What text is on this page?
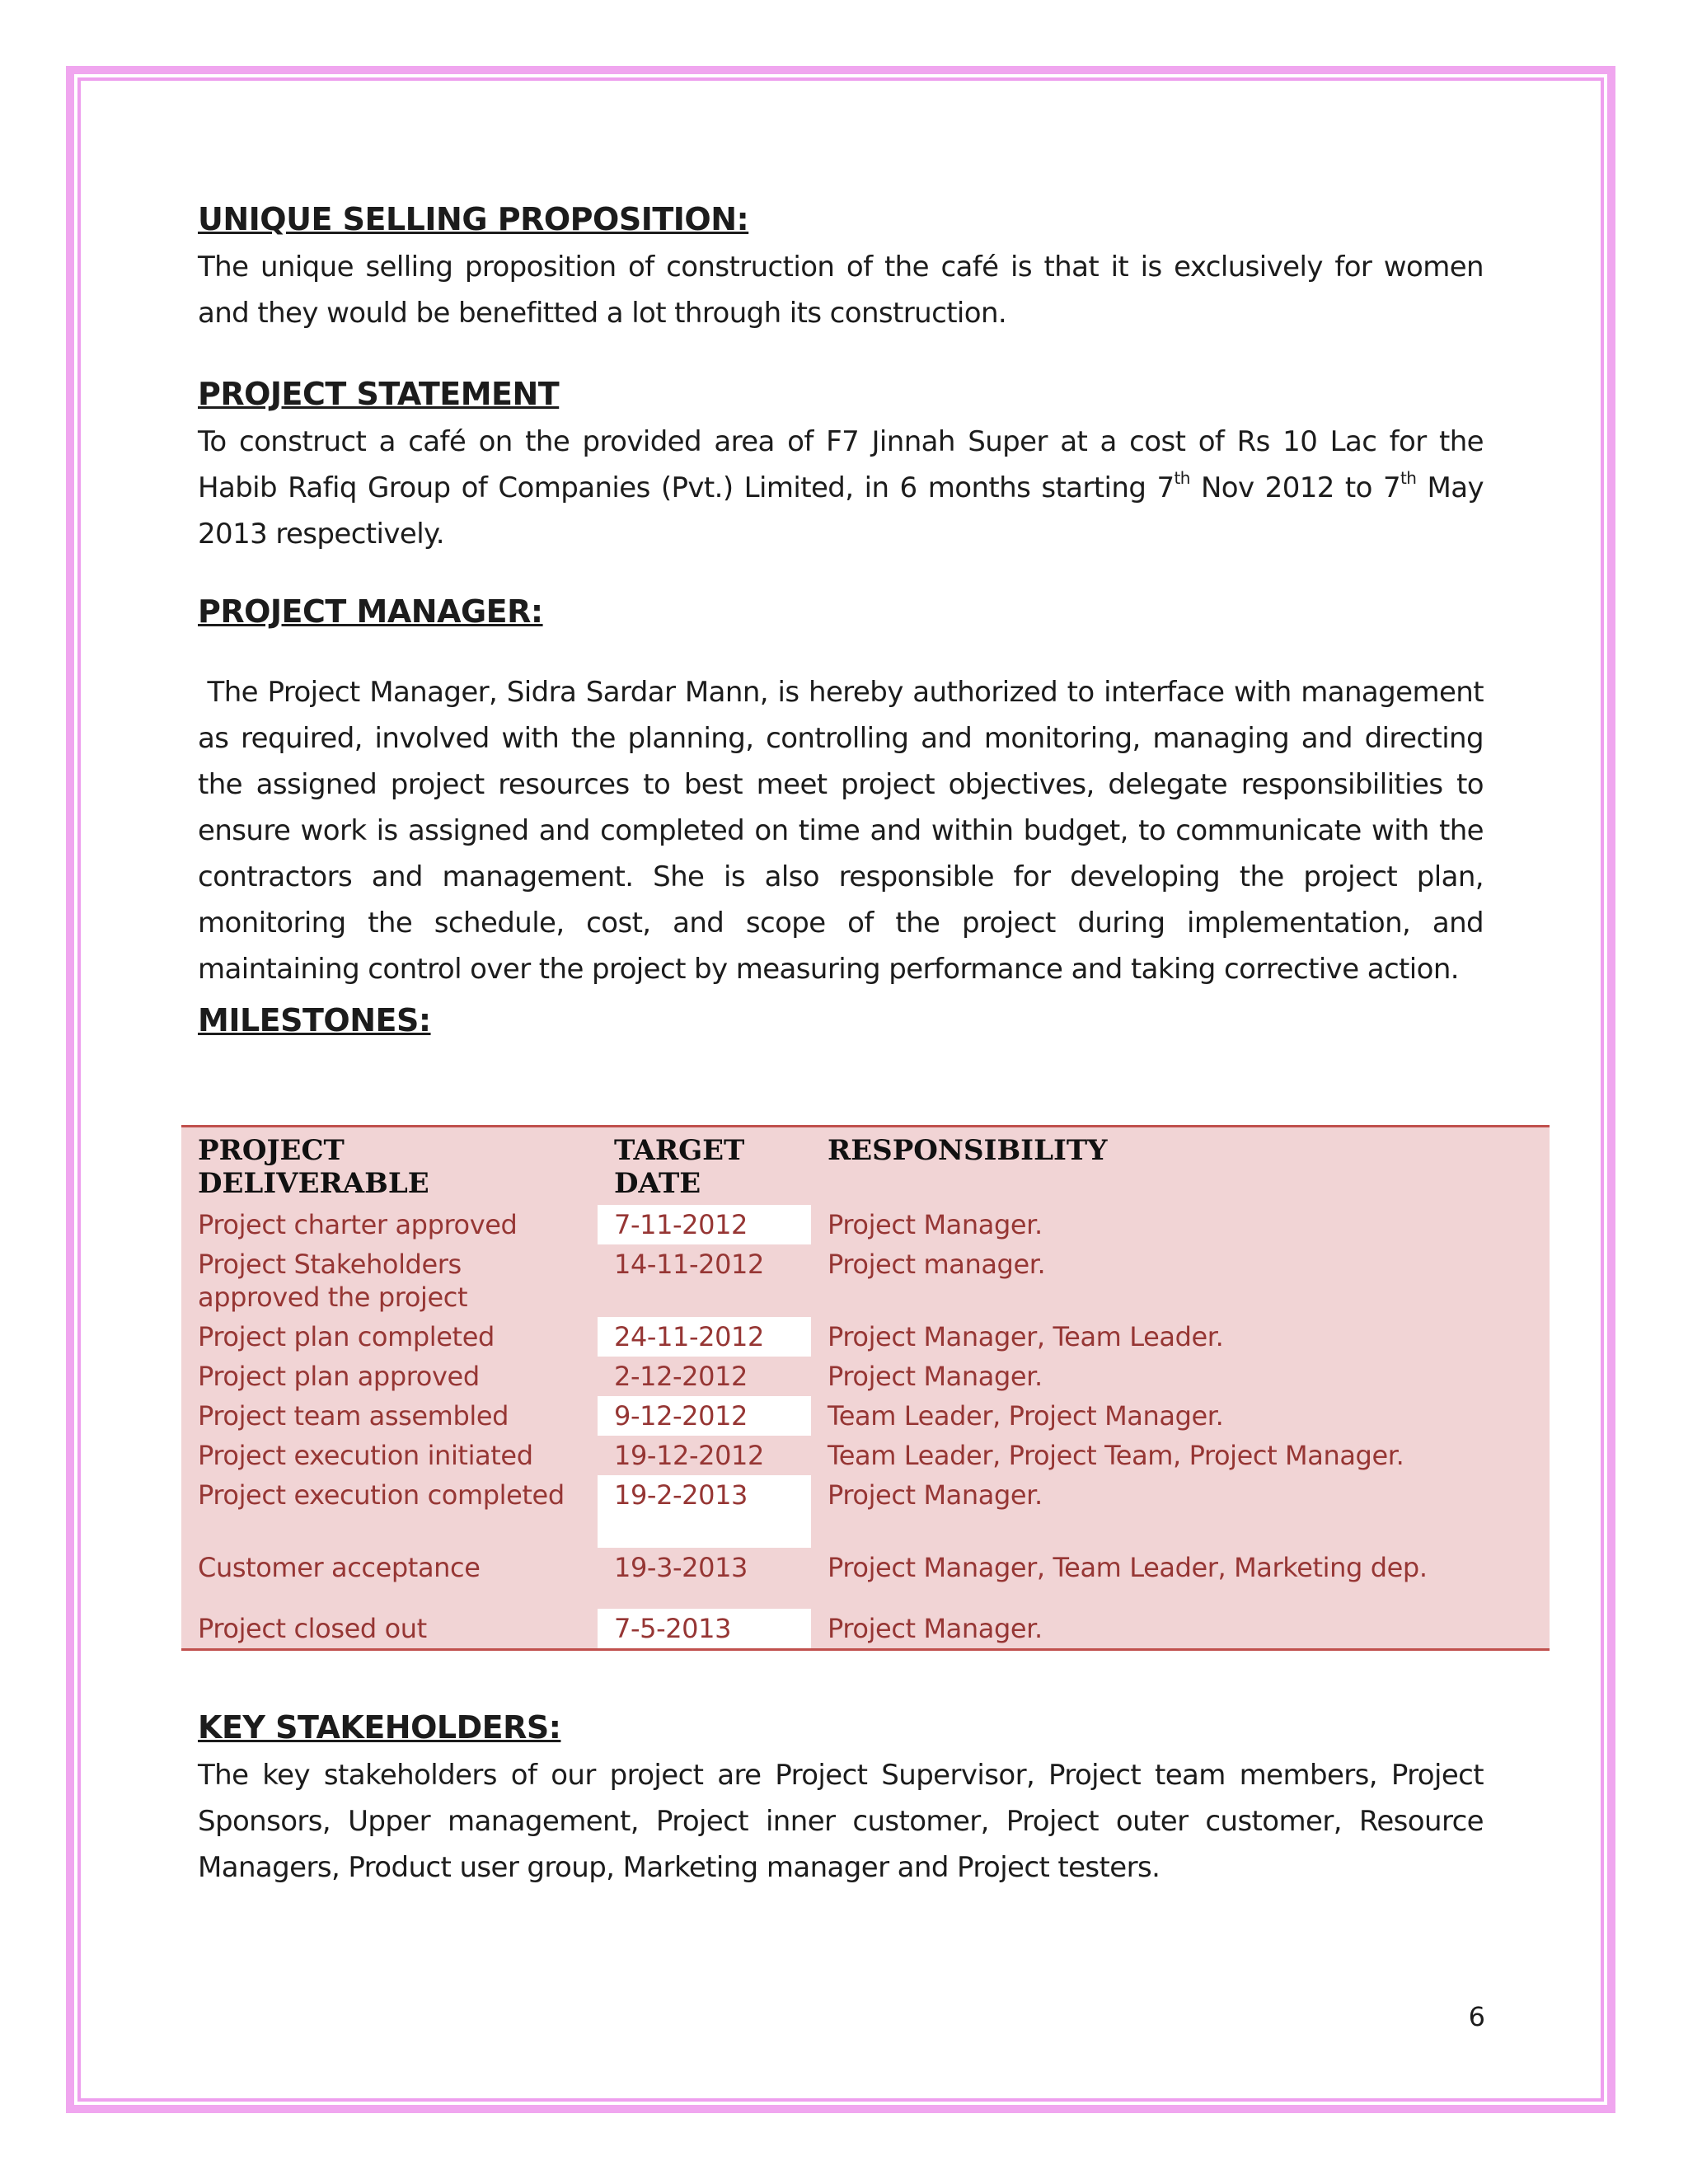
UNIQUE SELLING PROPOSITION:

The unique selling proposition of construction of the café is that it is exclusively for women and they would be benefitted a lot through its construction.

PROJECT STATEMENT

To construct a café on the provided area of F7 Jinnah Super at a cost of Rs 10 Lac for the Habib Rafiq Group of Companies (Pvt.) Limited, in 6 months starting 7th Nov 2012 to 7th May 2013 respectively.

PROJECT MANAGER:

The Project Manager, Sidra Sardar Mann, is hereby authorized to interface with management as required, involved with the planning, controlling and monitoring, managing and directing the assigned project resources to best meet project objectives, delegate responsibilities to ensure work is assigned and completed on time and within budget, to communicate with the contractors and management. She is also responsible for developing the project plan, monitoring the schedule, cost, and scope of the project during implementation, and maintaining control over the project by measuring performance and taking corrective action.

MILESTONES:
PROJECT DELIVERABLE	TARGET DATE	RESPONSIBILITY
Project charter approved	7-11-2012	Project Manager.
Project Stakeholders approved the project	14-11-2012	Project manager.
Project plan completed	24-11-2012	Project Manager, Team Leader.
Project plan approved	2-12-2012	Project Manager.
Project team assembled	9-12-2012	Team Leader, Project Manager.
Project execution initiated	19-12-2012	Team Leader, Project Team, Project Manager.
Project execution completed	19-2-2013	Project Manager.
Customer acceptance	19-3-2013	Project Manager, Team Leader, Marketing dep.
Project closed out	7-5-2013	Project Manager.
KEY STAKEHOLDERS:

The key stakeholders of our project are Project Supervisor, Project team members, Project Sponsors, Upper management, Project inner customer, Project outer customer, Resource Managers, Product user group, Marketing manager and Project testers.

6
